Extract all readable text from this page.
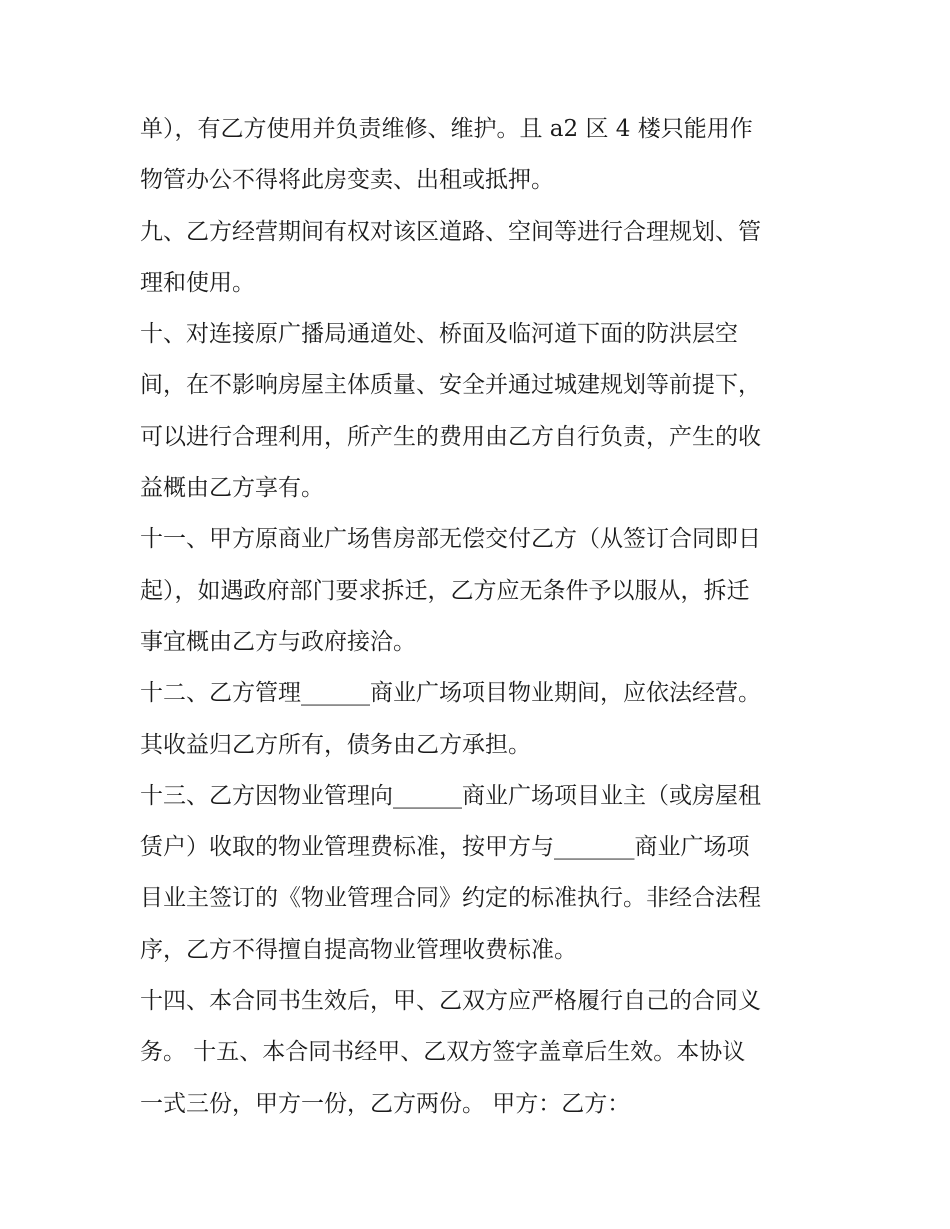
单），有乙方使用并负责维修、维护。且 a2 区 4 楼只能用作
物管办公不得将此房变卖、出租或抵押。
九、乙方经营期间有权对该区道路、空间等进行合理规划、管
理和使用。
十、对连接原广播局通道处、桥面及临河道下面的防洪层空
间，在不影响房屋主体质量、安全并通过城建规划等前提下，
可以进行合理利用，所产生的费用由乙方自行负责，产生的收
益概由乙方享有。
十一、甲方原商业广场售房部无偿交付乙方（从签订合同即日
起），如遇政府部门要求拆迁，乙方应无条件予以服从，拆迁
事宜概由乙方与政府接洽。
十二、乙方管理______商业广场项目物业期间，应依法经营。
其收益归乙方所有，债务由乙方承担。
十三、乙方因物业管理向______商业广场项目业主（或房屋租
赁户）收取的物业管理费标准，按甲方与_______商业广场项
目业主签订的《物业管理合同》约定的标准执行。非经合法程
序，乙方不得擅自提高物业管理收费标准。
十四、本合同书生效后，甲、乙双方应严格履行自己的合同义
务。 十五、本合同书经甲、乙双方签字盖章后生效。本协议
一式三份，甲方一份，乙方两份。 甲方：乙方：
